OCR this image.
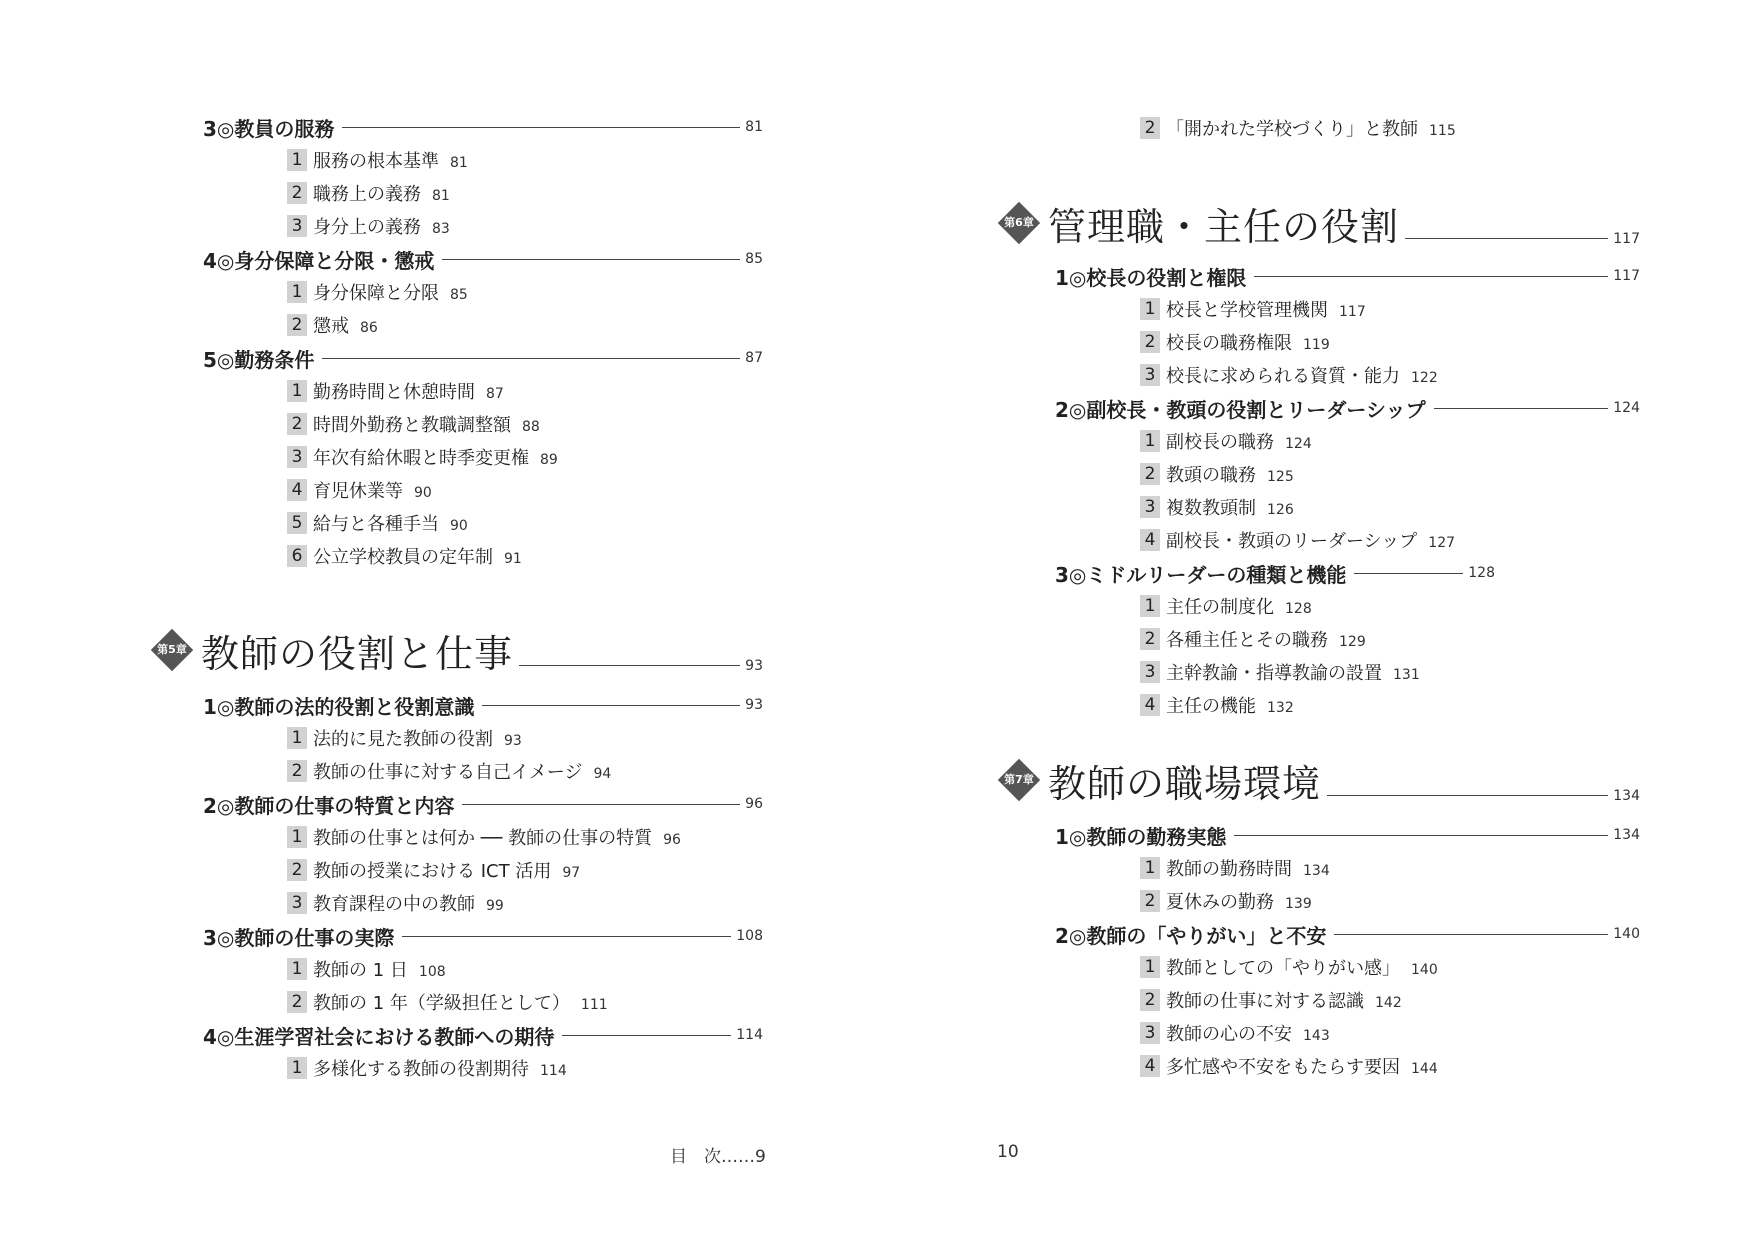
3◎教員の服務	81
1 服務の根本基準 81
2 職務上の義務 81
3 身分上の義務 83
4◎身分保障と分限・懲戒	85
1 身分保障と分限 85
2 懲戒 86
5◎勤務条件	87
1 勤務時間と休憩時間 87
2 時間外勤務と教職調整額 88
3 年次有給休暇と時季変更権 89
4 育児休業等 90
5 給与と各種手当 90
6 公立学校教員の定年制 91
第5章 教師の役割と仕事	93
1◎教師の法的役割と役割意識	93
1 法的に見た教師の役割 93
2 教師の仕事に対する自己イメージ 94
2◎教師の仕事の特質と内容	96
1 教師の仕事とは何か ── 教師の仕事の特質 96
2 教師の授業における ICT 活用 97
3 教育課程の中の教師 99
3◎教師の仕事の実際	108
1 教師の 1 日 108
2 教師の 1 年（学級担任として） 111
4◎生涯学習社会における教師への期待	114
1 多様化する教師の役割期待 114
目　次……9
2 「開かれた学校づくり」と教師 115
第6章 管理職・主任の役割	117
1◎校長の役割と権限	117
1 校長と学校管理機関 117
2 校長の職務権限 119
3 校長に求められる資質・能力 122
2◎副校長・教頭の役割とリーダーシップ	124
1 副校長の職務 124
2 教頭の職務 125
3 複数教頭制 126
4 副校長・教頭のリーダーシップ 127
3◎ミドルリーダーの種類と機能	128
1 主任の制度化 128
2 各種主任とその職務 129
3 主幹教諭・指導教諭の設置 131
4 主任の機能 132
第7章 教師の職場環境	134
1◎教師の勤務実態	134
1 教師の勤務時間 134
2 夏休みの勤務 139
2◎教師の「やりがい」と不安	140
1 教師としての「やりがい感」 140
2 教師の仕事に対する認識 142
3 教師の心の不安 143
4 多忙感や不安をもたらす要因 144
10
